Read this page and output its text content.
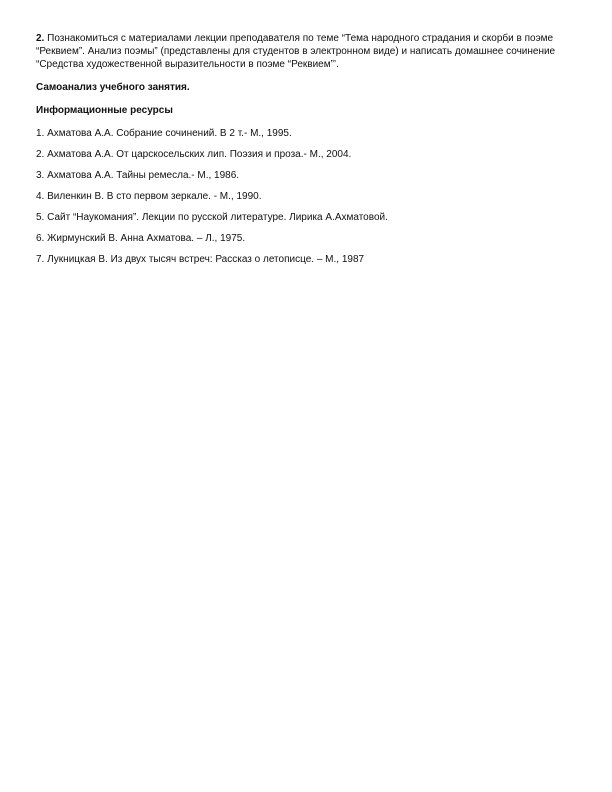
2. Познакомиться с материалами лекции преподавателя по теме “Тема народного страдания и скорби в поэме “Реквием”. Анализ поэмы” (представлены для студентов в электронном виде) и написать домашнее сочинение “Средства художественной выразительности в поэме “Реквием”’.

Самоанализ учебного занятия.

Информационные ресурсы

1. Ахматова А.А. Собрание сочинений. В 2 т.- М., 1995.
2. Ахматова А.А. От царскосельских лип. Поэзия и проза.- М., 2004.
3. Ахматова А.А. Тайны ремесла.- М., 1986.
4. Виленкин В. В сто первом зеркале. - М., 1990.
5. Сайт “Наукомания”. Лекции по русской литературе. Лирика А.Ахматовой.
6. Жирмунский В. Анна Ахматова. – Л., 1975.
7. Лукницкая В. Из двух тысяч встреч: Рассказ о летописце. – М., 1987
